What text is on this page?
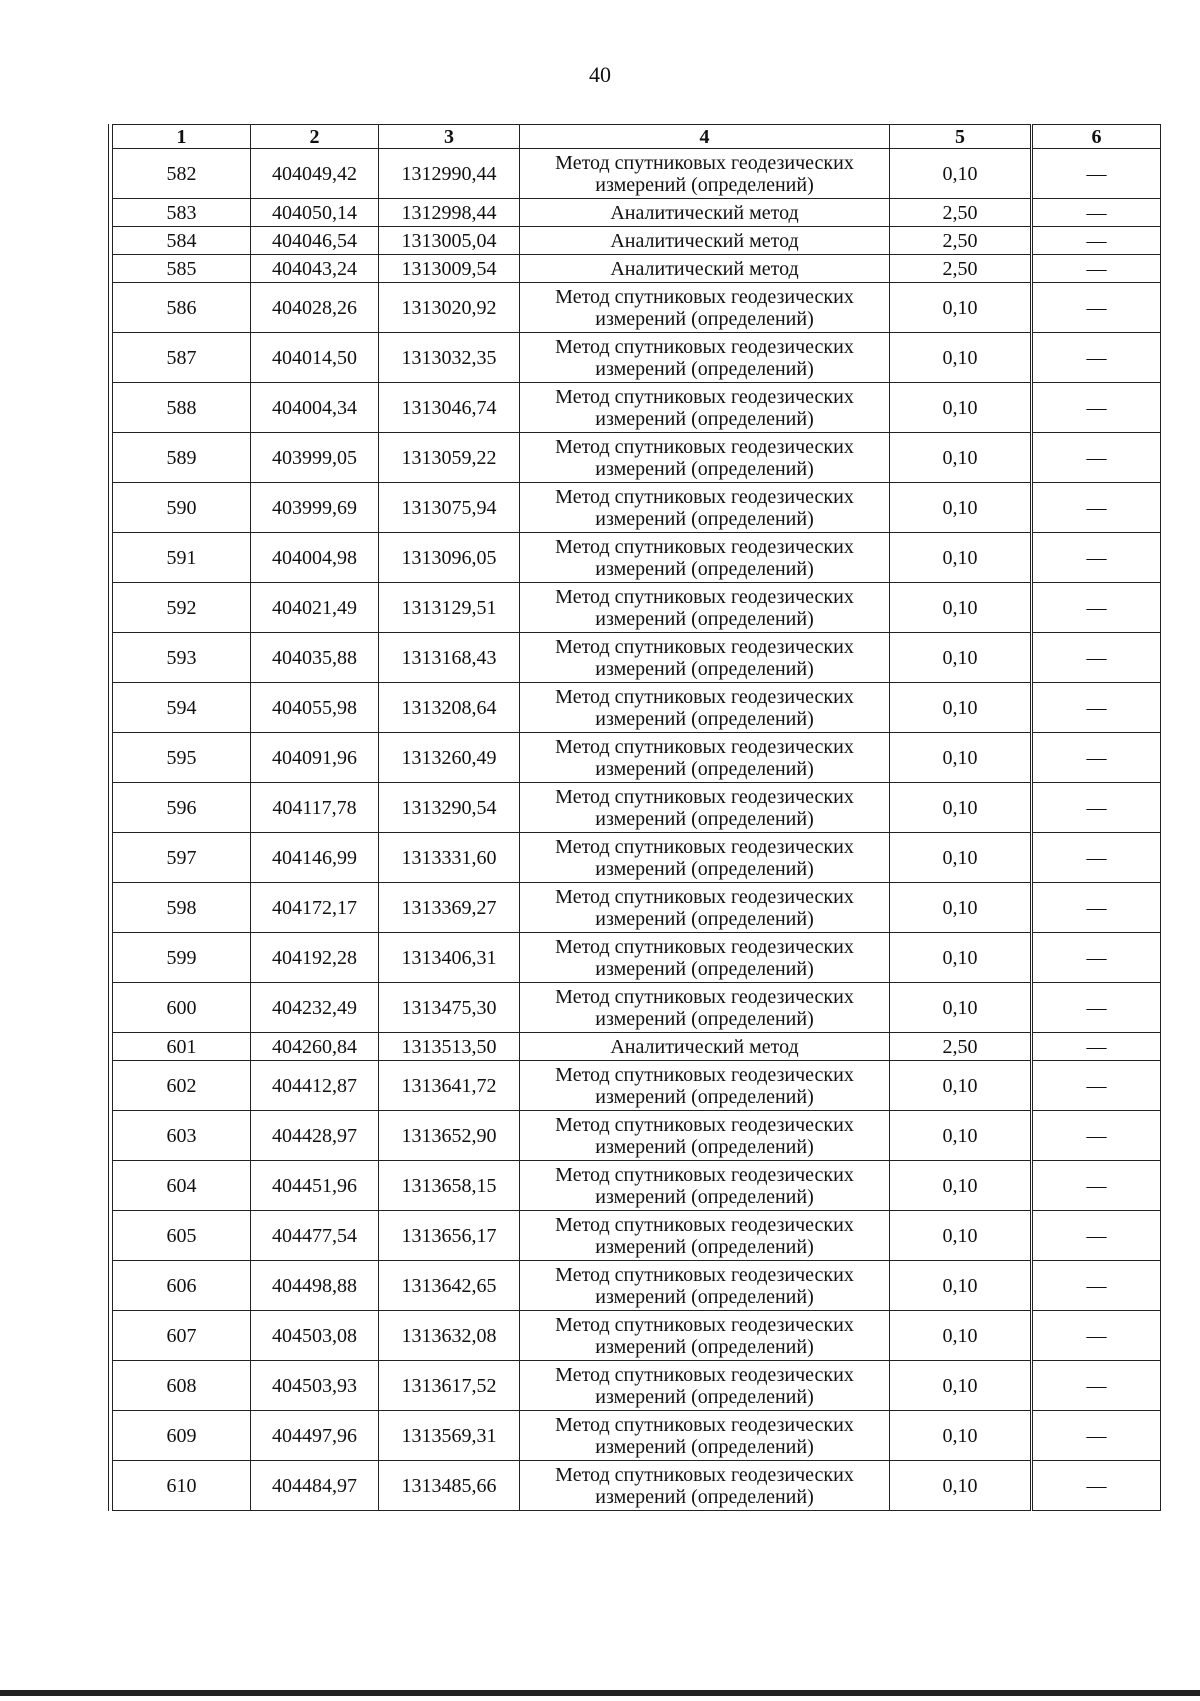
40
1	2	3	4	5	6
582	404049,42	1312990,44	Метод спутниковых геодезических измерений (определений)	0,10	—
583	404050,14	1312998,44	Аналитический метод	2,50	—
584	404046,54	1313005,04	Аналитический метод	2,50	—
585	404043,24	1313009,54	Аналитический метод	2,50	—
586	404028,26	1313020,92	Метод спутниковых геодезических измерений (определений)	0,10	—
587	404014,50	1313032,35	Метод спутниковых геодезических измерений (определений)	0,10	—
588	404004,34	1313046,74	Метод спутниковых геодезических измерений (определений)	0,10	—
589	403999,05	1313059,22	Метод спутниковых геодезических измерений (определений)	0,10	—
590	403999,69	1313075,94	Метод спутниковых геодезических измерений (определений)	0,10	—
591	404004,98	1313096,05	Метод спутниковых геодезических измерений (определений)	0,10	—
592	404021,49	1313129,51	Метод спутниковых геодезических измерений (определений)	0,10	—
593	404035,88	1313168,43	Метод спутниковых геодезических измерений (определений)	0,10	—
594	404055,98	1313208,64	Метод спутниковых геодезических измерений (определений)	0,10	—
595	404091,96	1313260,49	Метод спутниковых геодезических измерений (определений)	0,10	—
596	404117,78	1313290,54	Метод спутниковых геодезических измерений (определений)	0,10	—
597	404146,99	1313331,60	Метод спутниковых геодезических измерений (определений)	0,10	—
598	404172,17	1313369,27	Метод спутниковых геодезических измерений (определений)	0,10	—
599	404192,28	1313406,31	Метод спутниковых геодезических измерений (определений)	0,10	—
600	404232,49	1313475,30	Метод спутниковых геодезических измерений (определений)	0,10	—
601	404260,84	1313513,50	Аналитический метод	2,50	—
602	404412,87	1313641,72	Метод спутниковых геодезических измерений (определений)	0,10	—
603	404428,97	1313652,90	Метод спутниковых геодезических измерений (определений)	0,10	—
604	404451,96	1313658,15	Метод спутниковых геодезических измерений (определений)	0,10	—
605	404477,54	1313656,17	Метод спутниковых геодезических измерений (определений)	0,10	—
606	404498,88	1313642,65	Метод спутниковых геодезических измерений (определений)	0,10	—
607	404503,08	1313632,08	Метод спутниковых геодезических измерений (определений)	0,10	—
608	404503,93	1313617,52	Метод спутниковых геодезических измерений (определений)	0,10	—
609	404497,96	1313569,31	Метод спутниковых геодезических измерений (определений)	0,10	—
610	404484,97	1313485,66	Метод спутниковых геодезических измерений (определений)	0,10	—
